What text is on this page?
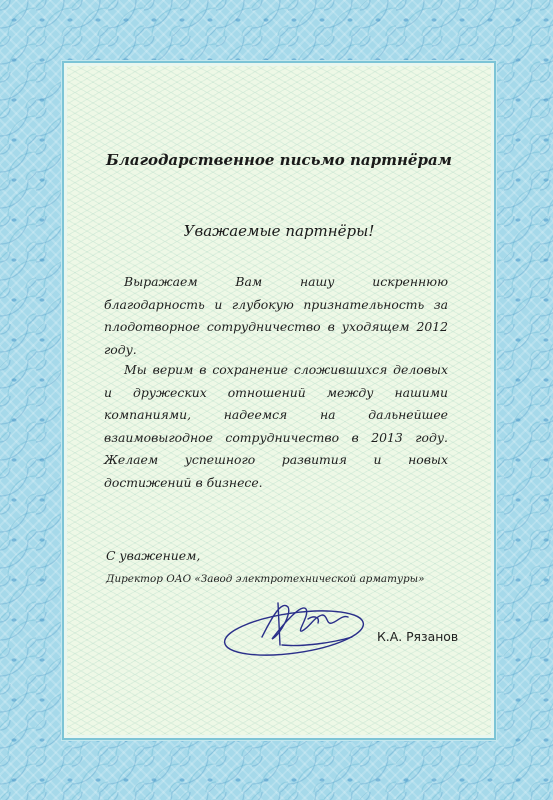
Благодарственное письмо партнёрам
Уважаемые партнёры!
Выражаем Вам нашу искреннюю благодарность и глубокую признательность за плодотворное сотрудничество в уходящем 2012 году.
Мы верим в сохранение сложившихся деловых и дружеских отношений между нашими компаниями, надеемся на дальнейшее взаимовыгодное сотрудничество в 2013 году. Желаем успешного развития и новых достижений в бизнесе.
С уважением,
Директор ОАО «Завод электротехнической арматуры»
К.А. Рязанов
